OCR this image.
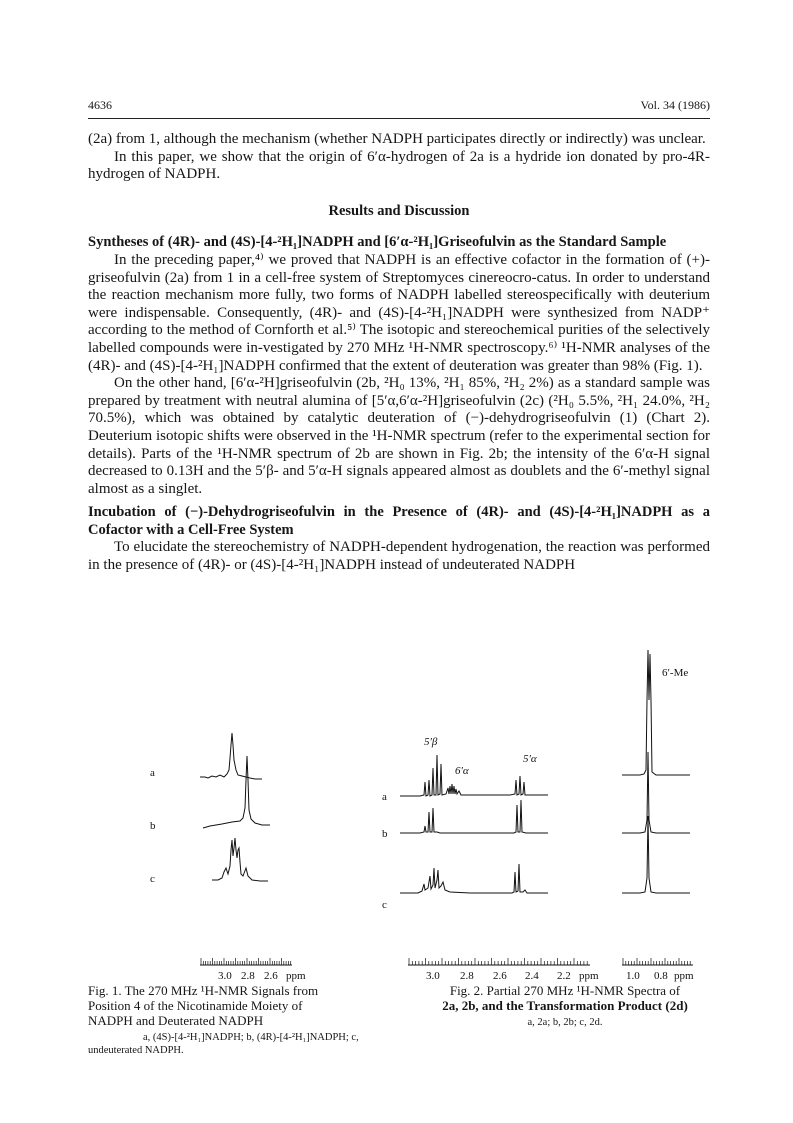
4636	Vol. 34 (1986)

(2a) from 1, although the mechanism (whether NADPH participates directly or indirectly) was unclear.

In this paper, we show that the origin of 6′α-hydrogen of 2a is a hydride ion donated by pro-4R-hydrogen of NADPH.

Results and Discussion
Syntheses of (4R)- and (4S)-[4-²H₁]NADPH and [6′α-²H₁]Griseofulvin as the Standard Sample

In the preceding paper,⁴⁾ we proved that NADPH is an effective cofactor in the formation of (+)-griseofulvin (2a) from 1 in a cell-free system of Streptomyces cinereocro-catus. In order to understand the reaction mechanism more fully, two forms of NADPH labelled stereospecifically with deuterium were indispensable. Consequently, (4R)- and (4S)-[4-²H₁]NADPH were synthesized from NADP⁺ according to the method of Cornforth et al.⁵⁾ The isotopic and stereochemical purities of the selectively labelled compounds were in-vestigated by 270 MHz ¹H-NMR spectroscopy.⁶⁾ ¹H-NMR analyses of the (4R)- and (4S)-[4-²H₁]NADPH confirmed that the extent of deuteration was greater than 98% (Fig. 1).

On the other hand, [6′α-²H]griseofulvin (2b, ²H₀ 13%, ²H₁ 85%, ²H₂ 2%) as a standard sample was prepared by treatment with neutral alumina of [5′α,6′α-²H]griseofulvin (2c) (²H₀ 5.5%, ²H₁ 24.0%, ²H₂ 70.5%), which was obtained by catalytic deuteration of (−)-dehydrogriseofulvin (1) (Chart 2). Deuterium isotopic shifts were observed in the ¹H-NMR spectrum (refer to the experimental section for details). Parts of the ¹H-NMR spectrum of 2b are shown in Fig. 2b; the intensity of the 6′α-H signal decreased to 0.13H and the 5′β- and 5′α-H signals appeared almost as doublets and the 6′-methyl signal almost as a singlet.

Incubation of (−)-Dehydrogriseofulvin in the Presence of (4R)- and (4S)-[4-²H₁]NADPH as a Cofactor with a Cell-Free System

To elucidate the stereochemistry of NADPH-dependent hydrogenation, the reaction was performed in the presence of (4R)- or (4S)-[4-²H₁]NADPH instead of undeuterated NADPH

a
b
c
3.0 2.8 2.6 ppm
a
b
c
5′β
6′α
5′α
6′-Me
3.0 2.8 2.6 2.4 2.2 ppm 1.0 0.8 ppm
Fig. 1. The 270 MHz ¹H-NMR Signals from
Position 4 of the Nicotinamide Moiety of
NADPH and Deuterated NADPH
a, (4S)-[4-²H₁]NADPH; b, (4R)-[4-²H₁]NADPH; c,
undeuterated NADPH.
Fig. 2. Partial 270 MHz ¹H-NMR Spectra of
2a, 2b, and the Transformation Product (2d)
a, 2a; b, 2b; c, 2d.
